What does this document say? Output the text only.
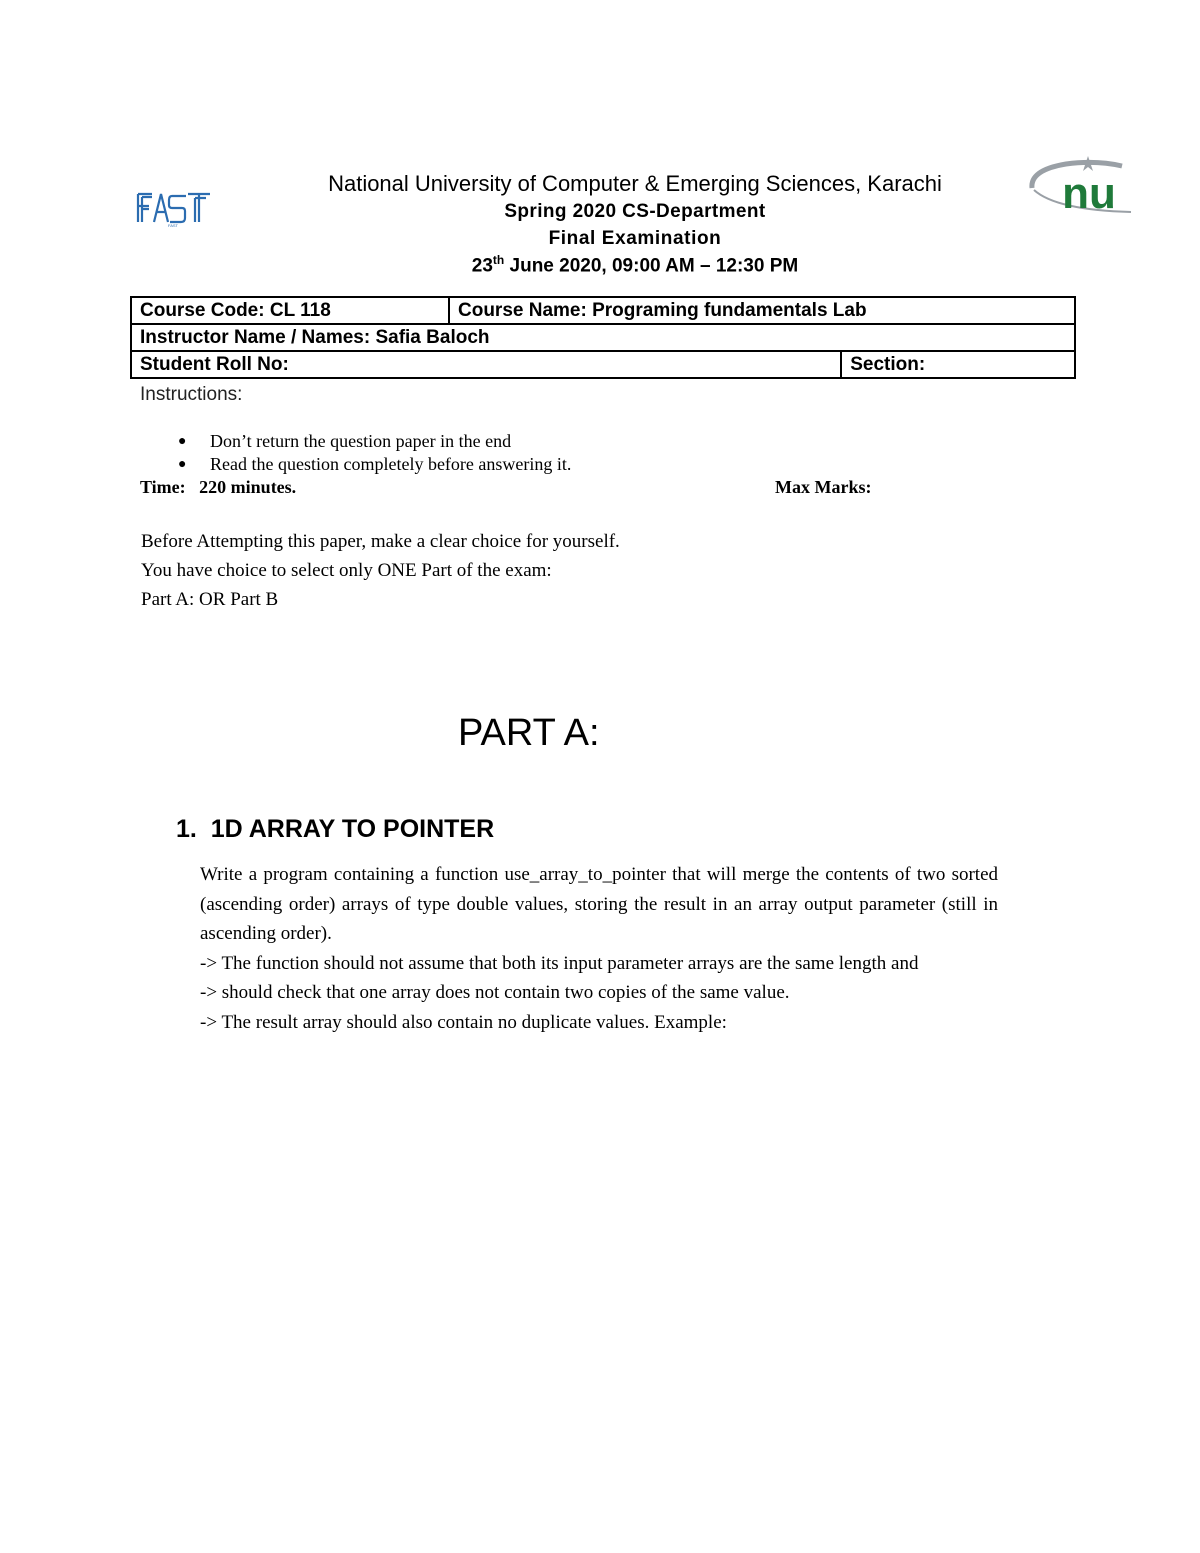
FAST
nu
National University of Computer & Emerging Sciences, Karachi
Spring 2020 CS-Department
Final Examination
23th June 2020, 09:00 AM – 12:30 PM
Course Code: CL 118	Course Name: Programing fundamentals Lab	
Instructor Name / Names: Safia Baloch		
Student Roll No:		Section:
Instructions:
● Don’t return the question paper in the end
● Read the question completely before answering it.
Time: 220 minutes.	Max Marks:
Before Attempting this paper, make a clear choice for yourself.
You have choice to select only ONE Part of the exam:
Part A: OR Part B
PART A:
1. 1D ARRAY TO POINTER
Write a program containing a function use_array_to_pointer that will merge the contents of two sorted (ascending order) arrays of type double values, storing the result in an array output parameter (still in ascending order).
-> The function should not assume that both its input parameter arrays are the same length and
-> should check that one array does not contain two copies of the same value.
-> The result array should also contain no duplicate values. Example:
